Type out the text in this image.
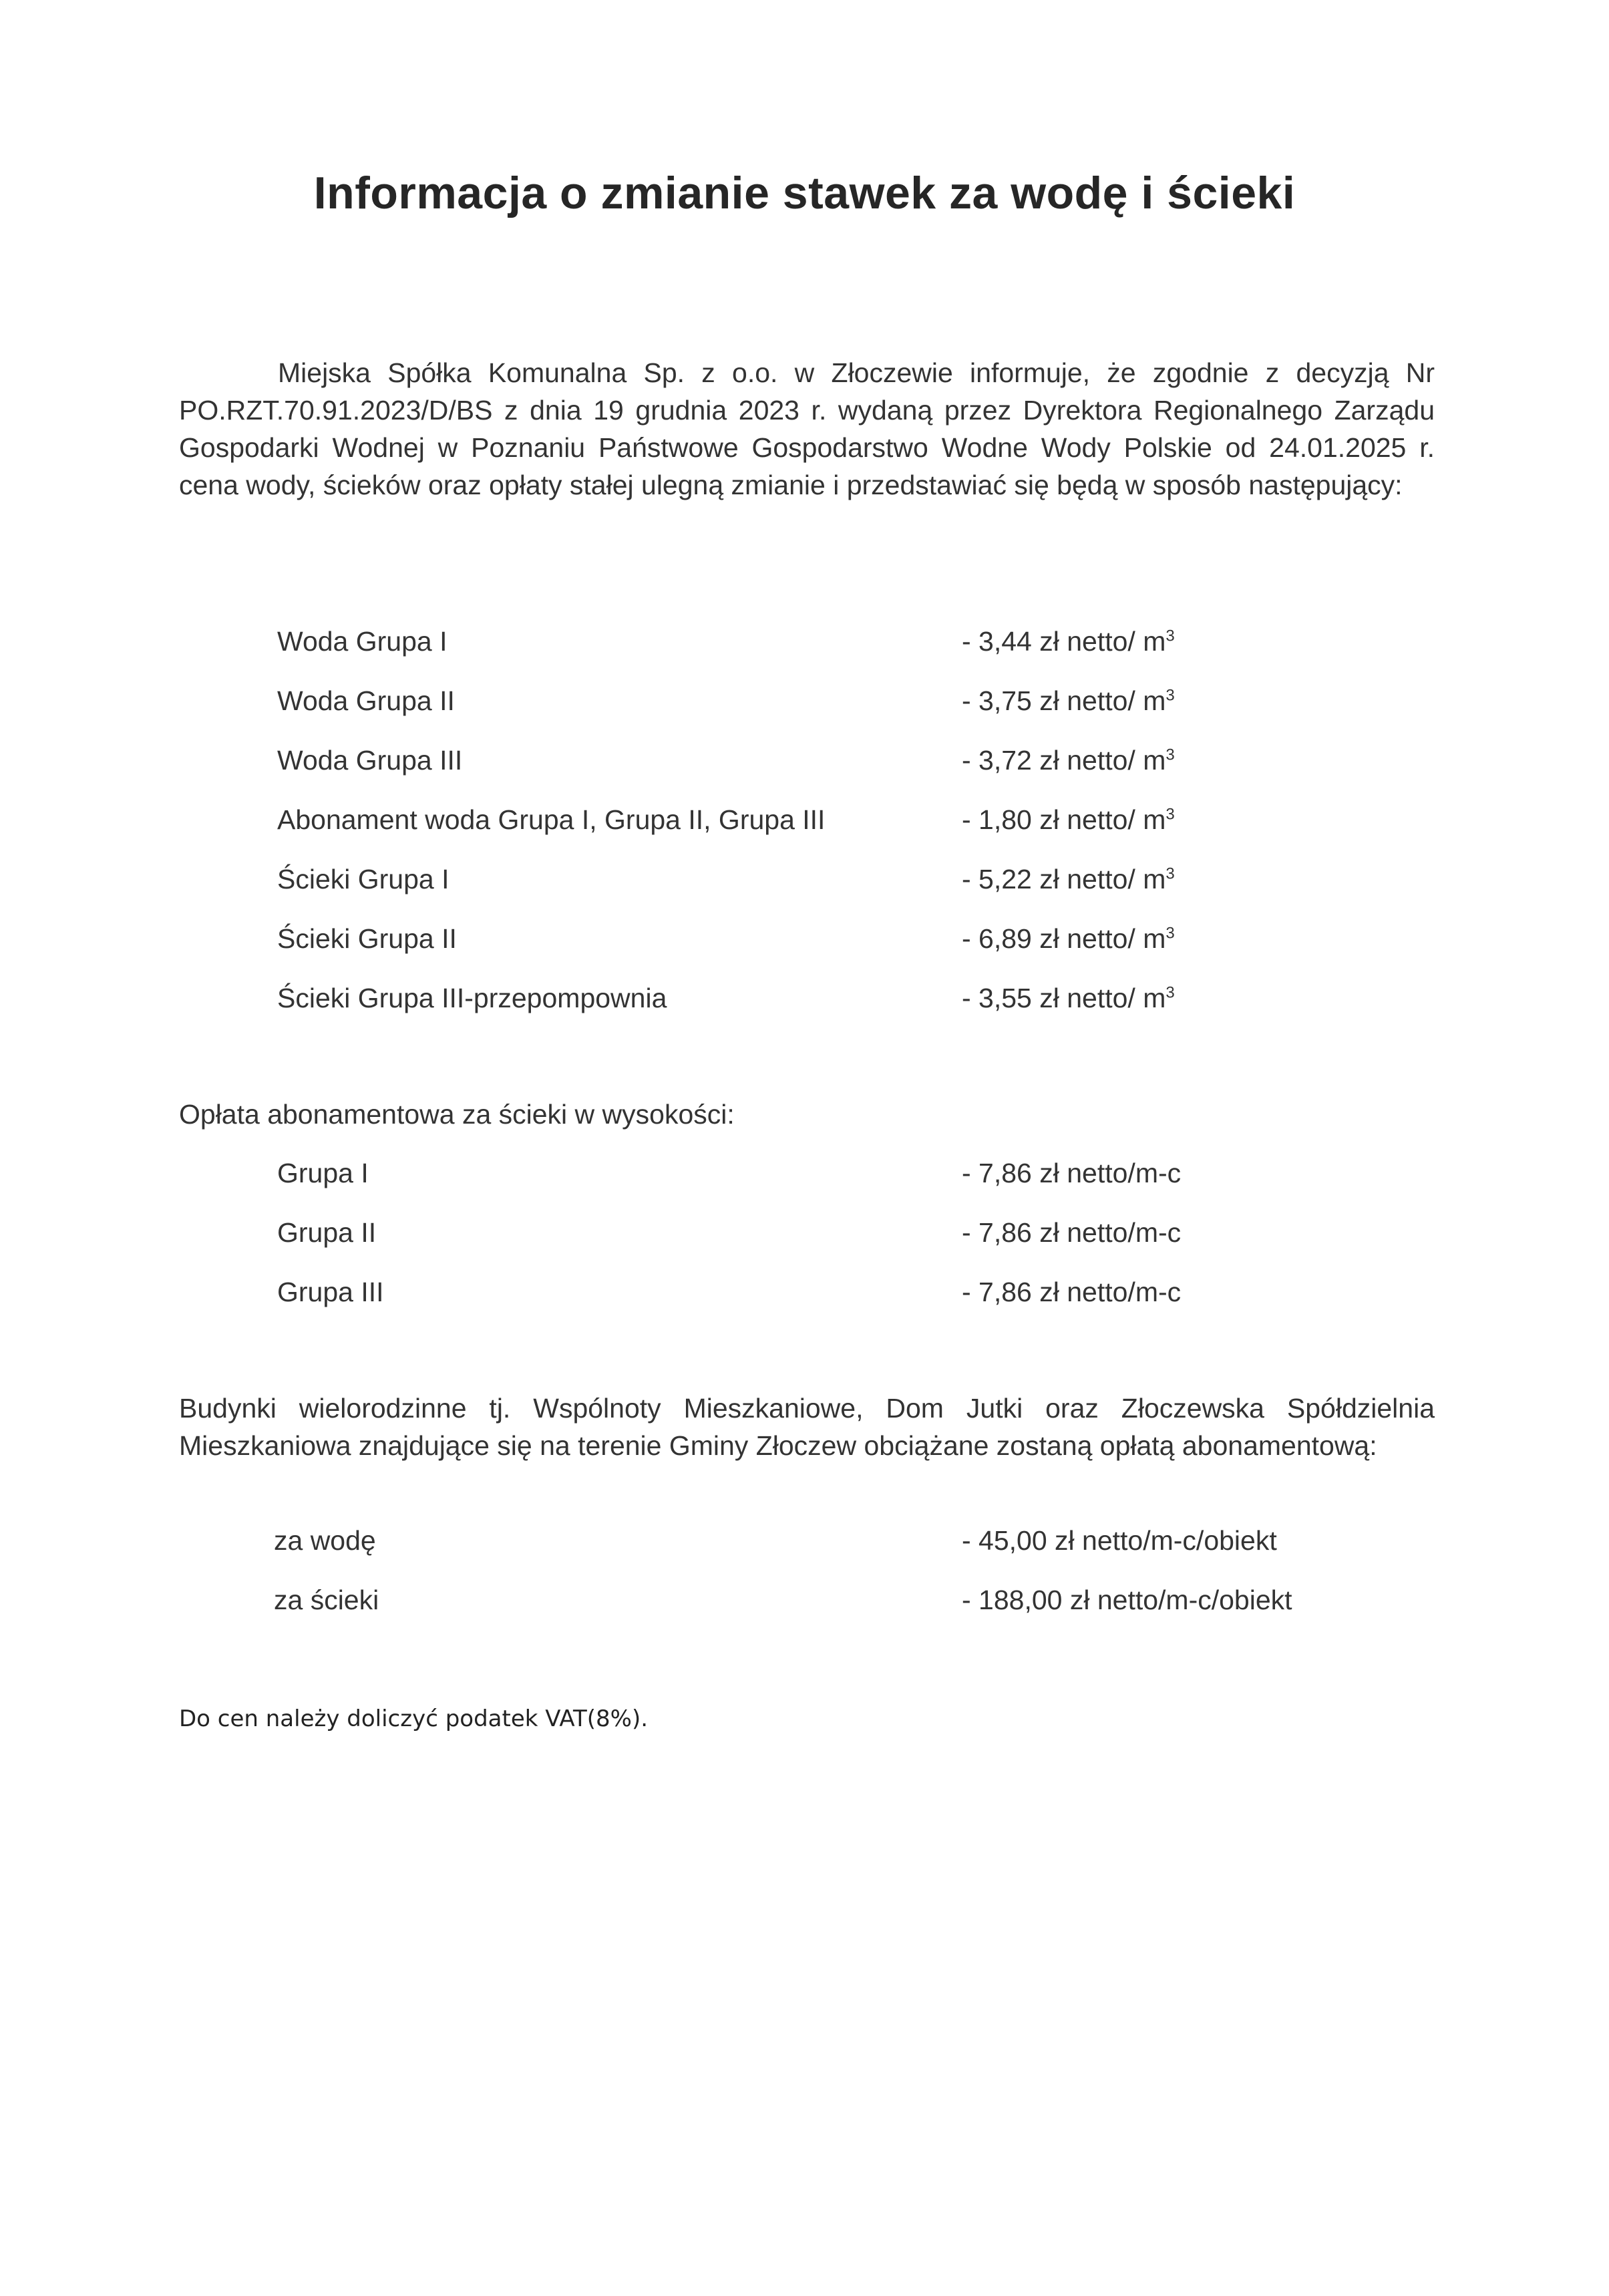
Informacja o zmianie stawek za wodę i ścieki

Miejska Spółka Komunalna Sp. z o.o. w Złoczewie informuje, że zgodnie z decyzją Nr PO.RZT.70.91.2023/D/BS z dnia 19 grudnia 2023 r. wydaną przez Dyrektora Regionalnego Zarządu Gospodarki Wodnej w Poznaniu Państwowe Gospodarstwo Wodne Wody Polskie od 24.01.2025 r. cena wody, ścieków oraz opłaty stałej ulegną zmianie i przedstawiać się będą w sposób następujący:

Woda Grupa I	- 3,44 zł netto/ $m^3$
Woda Grupa II	- 3,75 zł netto/ $m^3$
Woda Grupa III	- 3,72 zł netto/ $m^3$
Abonament woda Grupa I, Grupa II, Grupa III	- 1,80 zł netto/ $m^3$
Ścieki Grupa I	- 5,22 zł netto/ $m^3$
Ścieki Grupa II	- 6,89 zł netto/ $m^3$
Ścieki Grupa III-przepompownia	- 3,55 zł netto/ $m^3$

Opłata abonamentowa za ścieki w wysokości:

Grupa I	- 7,86 zł netto/m-c
Grupa II	- 7,86 zł netto/m-c
Grupa III	- 7,86 zł netto/m-c

Budynki wielorodzinne tj. Wspólnoty Mieszkaniowe, Dom Jutki oraz Złoczewska Spółdzielnia Mieszkaniowa znajdujące się na terenie Gminy Złoczew obciążane zostaną opłatą abonamentową:

za wodę	- 45,00 zł netto/m-c/obiekt
za ścieki	- 188,00 zł netto/m-c/obiekt

Do cen należy doliczyć podatek VAT(8%).
